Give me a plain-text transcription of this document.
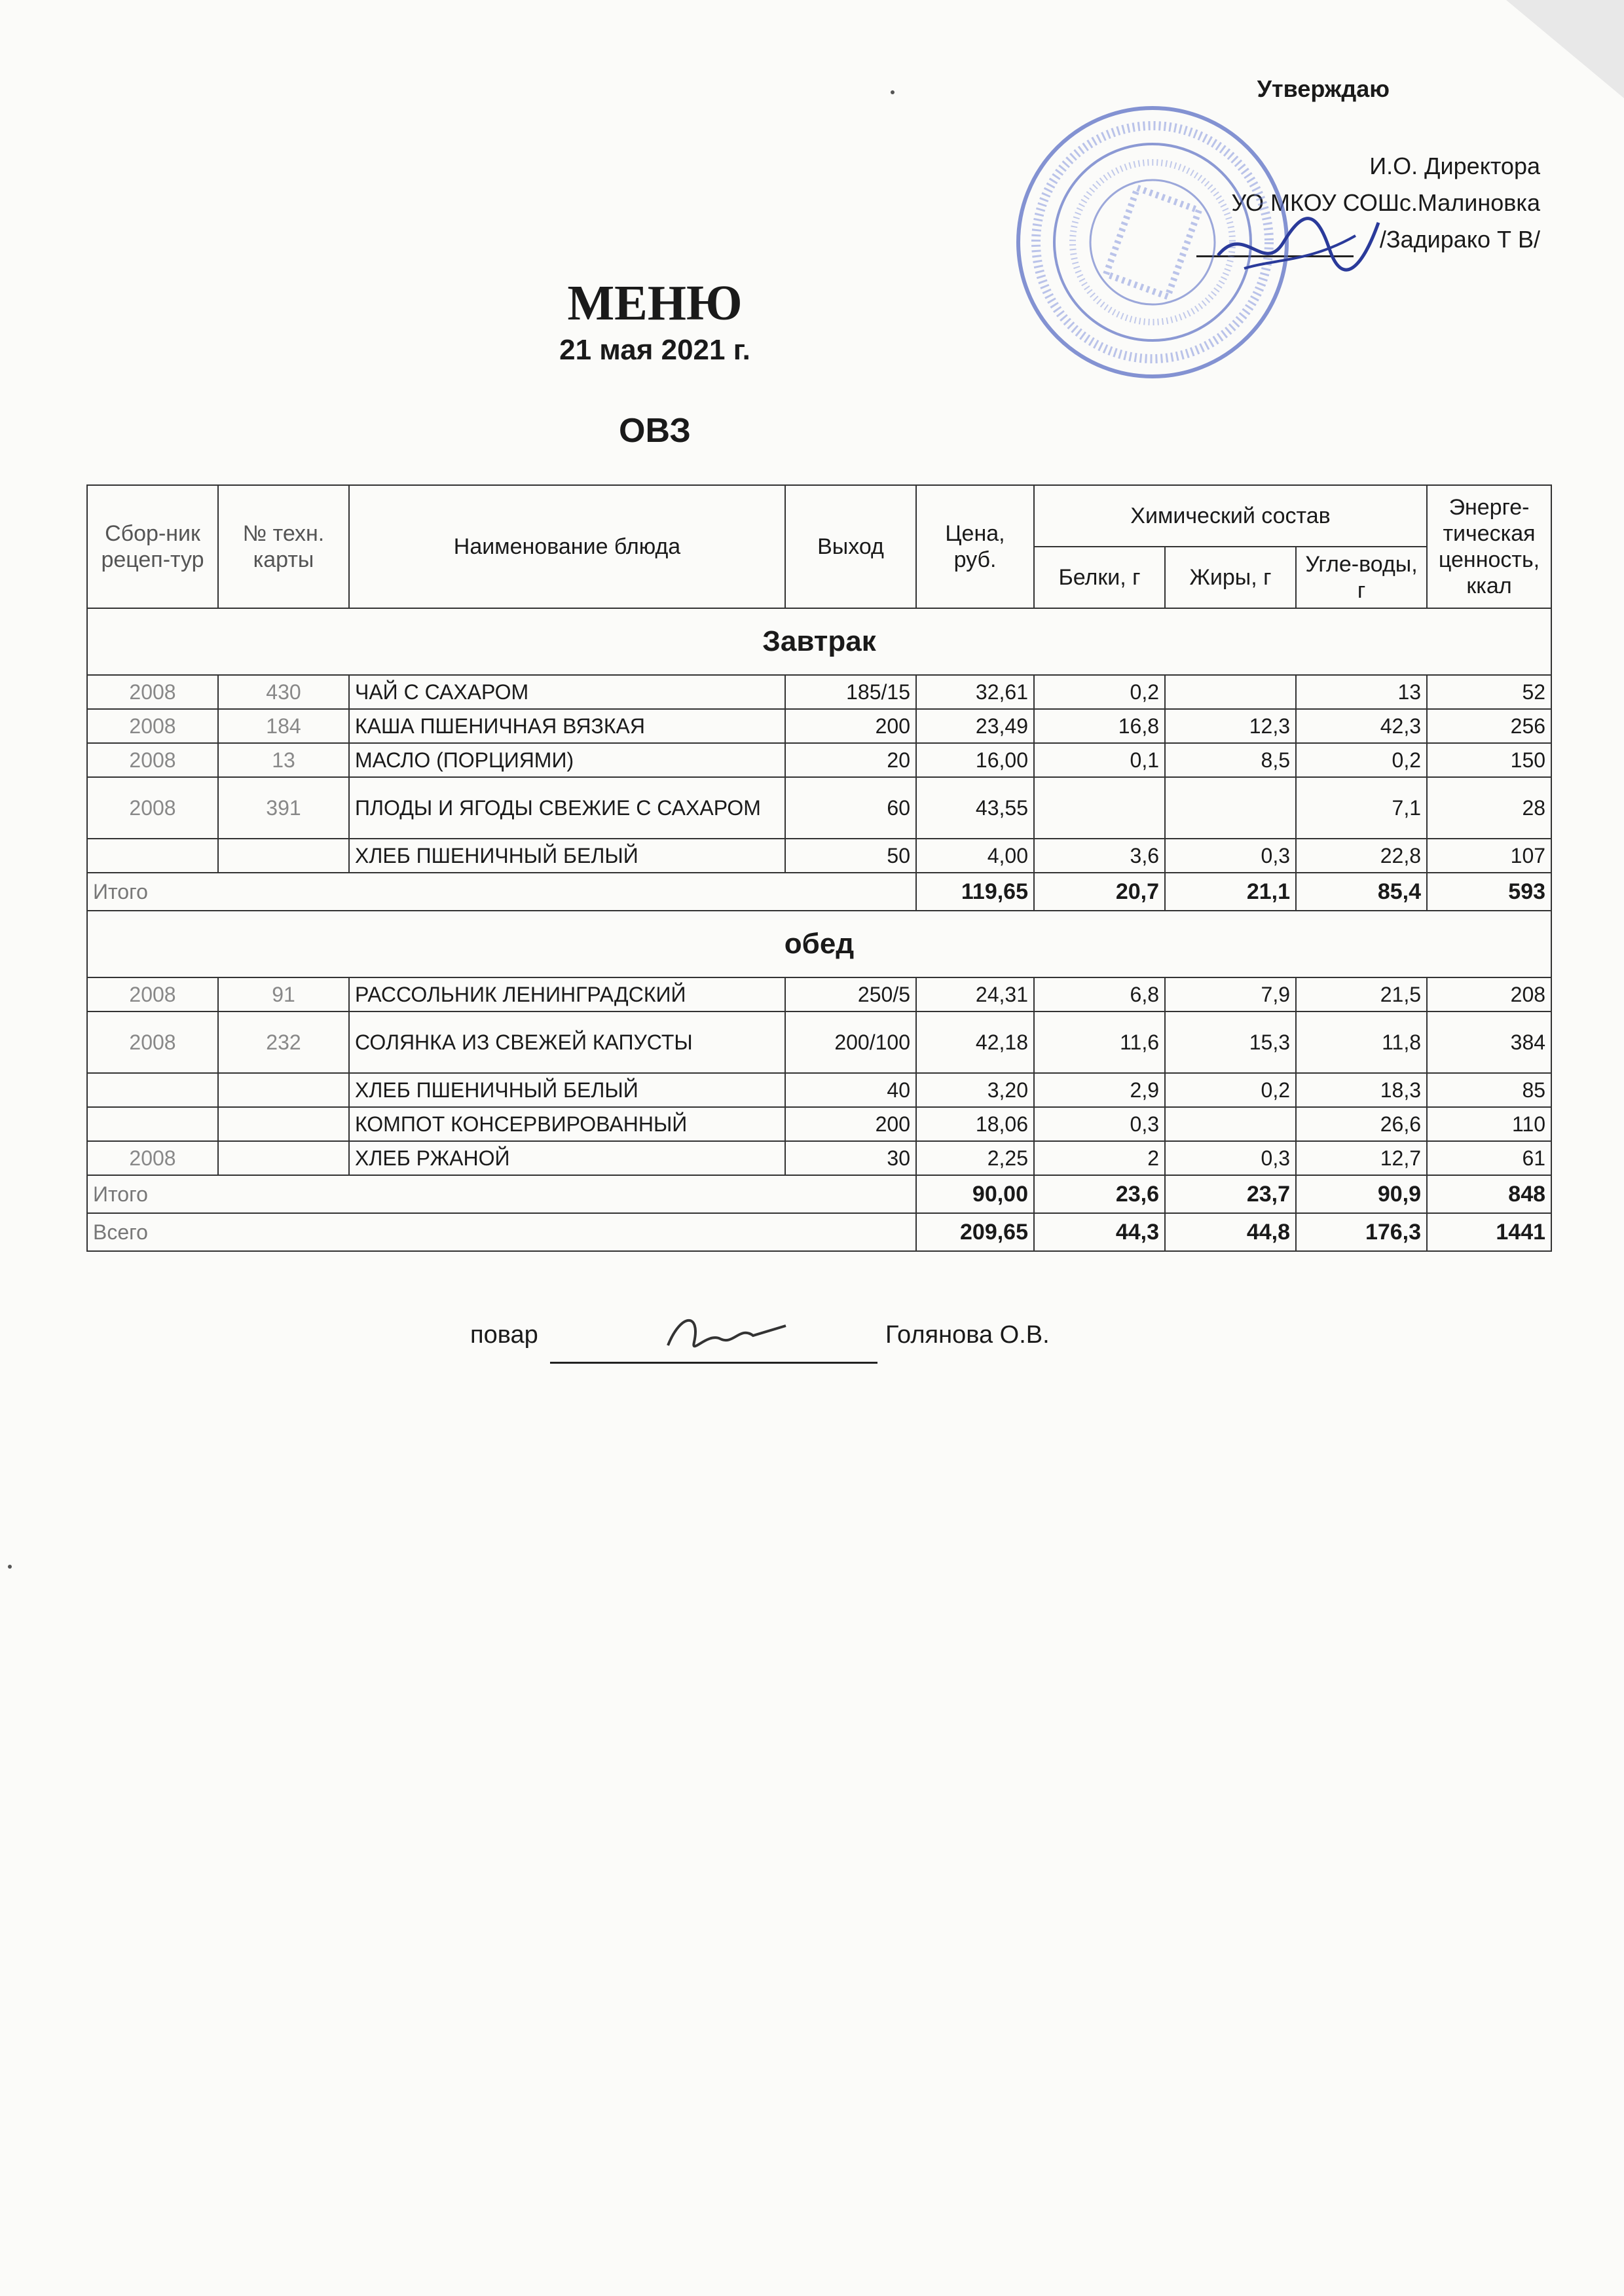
Утверждаю
И.О. Директора
УО МКОУ СОШс.Малиновка
/Задирако Т В/
МЕНЮ
21 мая 2021 г.
ОВЗ
Сбор-ник рецеп-тур	№ техн. карты	Наименование блюда	Выход	Цена, руб.	Химический состав			Энерге-тическая ценность, ккал
					Белки, г	Жиры, г	Угле-воды, г	
Завтрак								
2008	430	ЧАЙ С САХАРОМ	185/15	32,61	0,2		13	52
2008	184	КАША ПШЕНИЧНАЯ ВЯЗКАЯ	200	23,49	16,8	12,3	42,3	256
2008	13	МАСЛО (ПОРЦИЯМИ)	20	16,00	0,1	8,5	0,2	150
2008	391	ПЛОДЫ И ЯГОДЫ СВЕЖИЕ С САХАРОМ	60	43,55			7,1	28
		ХЛЕБ ПШЕНИЧНЫЙ БЕЛЫЙ	50	4,00	3,6	0,3	22,8	107
Итого				119,65	20,7	21,1	85,4	593
обед								
2008	91	РАССОЛЬНИК ЛЕНИНГРАДСКИЙ	250/5	24,31	6,8	7,9	21,5	208
2008	232	СОЛЯНКА ИЗ СВЕЖЕЙ КАПУСТЫ	200/100	42,18	11,6	15,3	11,8	384
		ХЛЕБ ПШЕНИЧНЫЙ БЕЛЫЙ	40	3,20	2,9	0,2	18,3	85
		КОМПОТ КОНСЕРВИРОВАННЫЙ	200	18,06	0,3		26,6	110
2008		ХЛЕБ РЖАНОЙ	30	2,25	2	0,3	12,7	61
Итого				90,00	23,6	23,7	90,9	848
Всего				209,65	44,3	44,8	176,3	1441
повар	Голянова О.В.
